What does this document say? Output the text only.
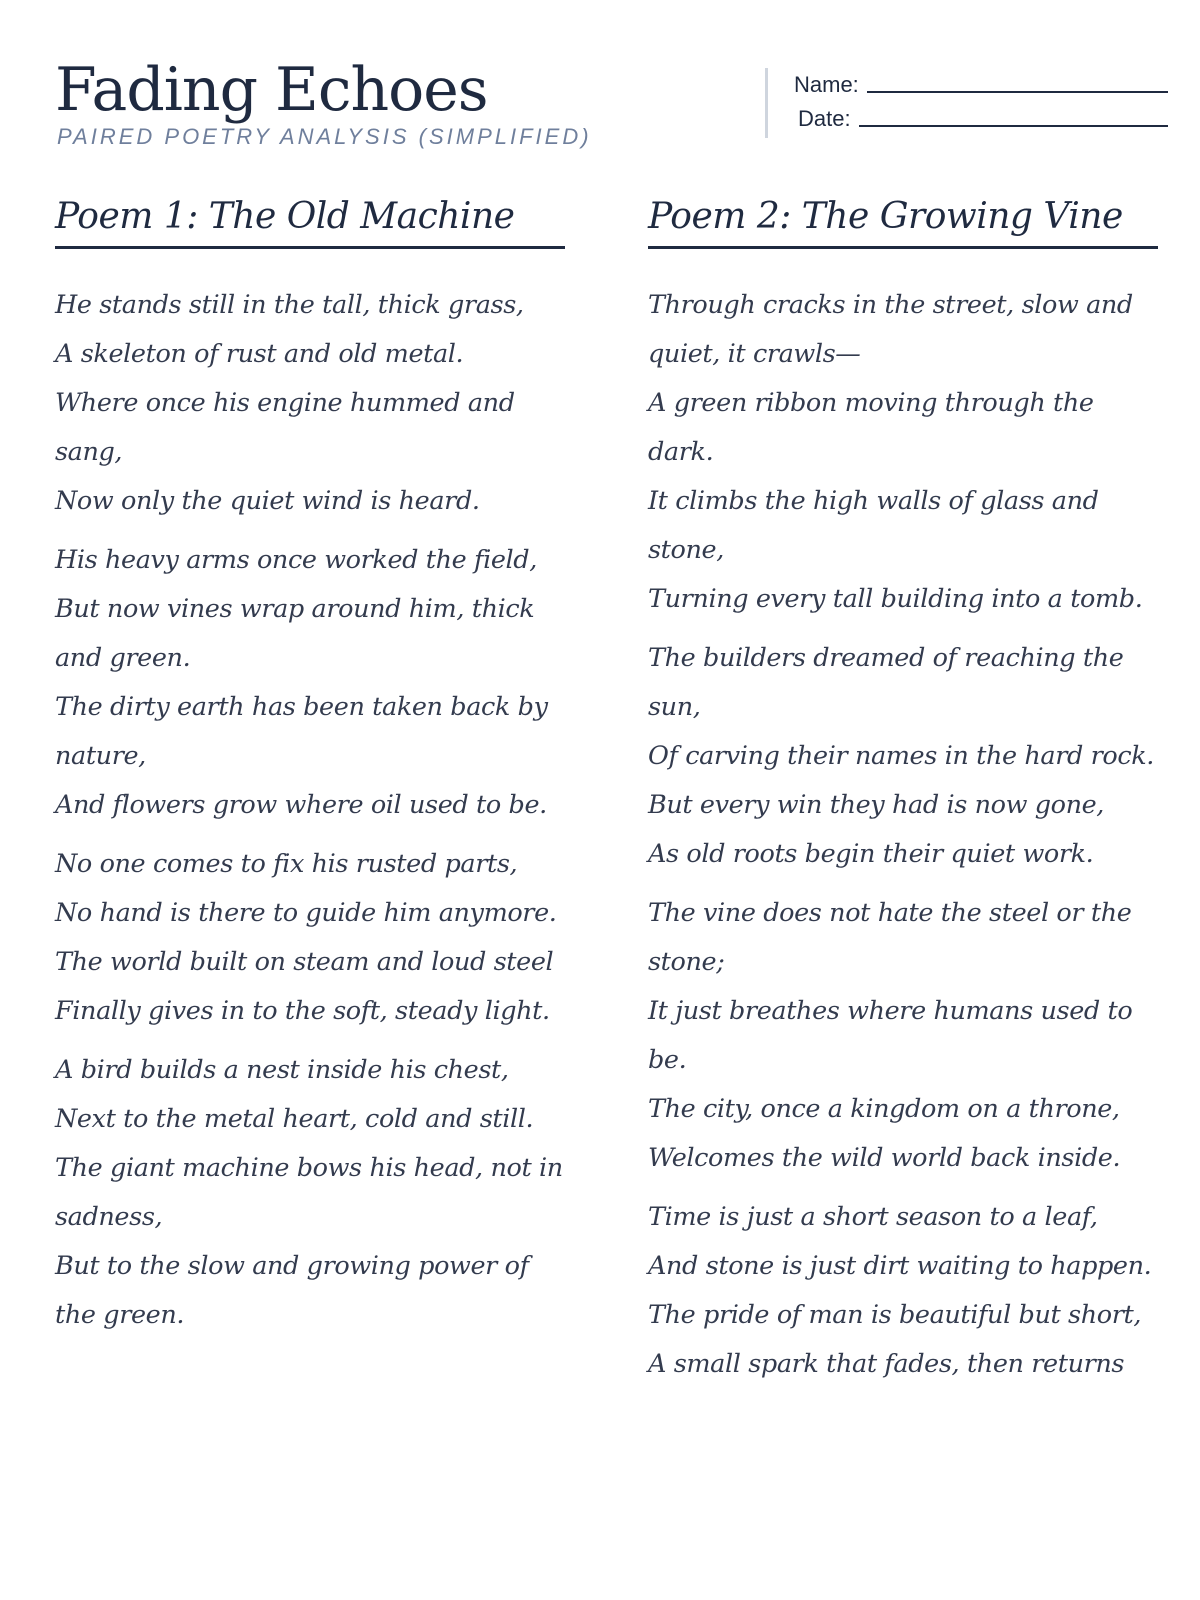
Fading Echoes
PAIRED POETRY ANALYSIS (SIMPLIFIED)
Name:
Date:
Poem 1: The Old Machine
He stands still in the tall, thick grass,
A skeleton of rust and old metal.
Where once his engine hummed and sang,
Now only the quiet wind is heard.
His heavy arms once worked the field,
But now vines wrap around him, thick and green.
The dirty earth has been taken back by nature,
And flowers grow where oil used to be.
No one comes to fix his rusted parts,
No hand is there to guide him anymore.
The world built on steam and loud steel
Finally gives in to the soft, steady light.
A bird builds a nest inside his chest,
Next to the metal heart, cold and still.
The giant machine bows his head, not in sadness,
But to the slow and growing power of the green.
Poem 2: The Growing Vine
Through cracks in the street, slow and quiet, it crawls—
A green ribbon moving through the dark.
It climbs the high walls of glass and stone,
Turning every tall building into a tomb.
The builders dreamed of reaching the sun,
Of carving their names in the hard rock.
But every win they had is now gone,
As old roots begin their quiet work.
The vine does not hate the steel or the stone;
It just breathes where humans used to be.
The city, once a kingdom on a throne,
Welcomes the wild world back inside.
Time is just a short season to a leaf,
And stone is just dirt waiting to happen.
The pride of man is beautiful but short,
A small spark that fades, then returns
